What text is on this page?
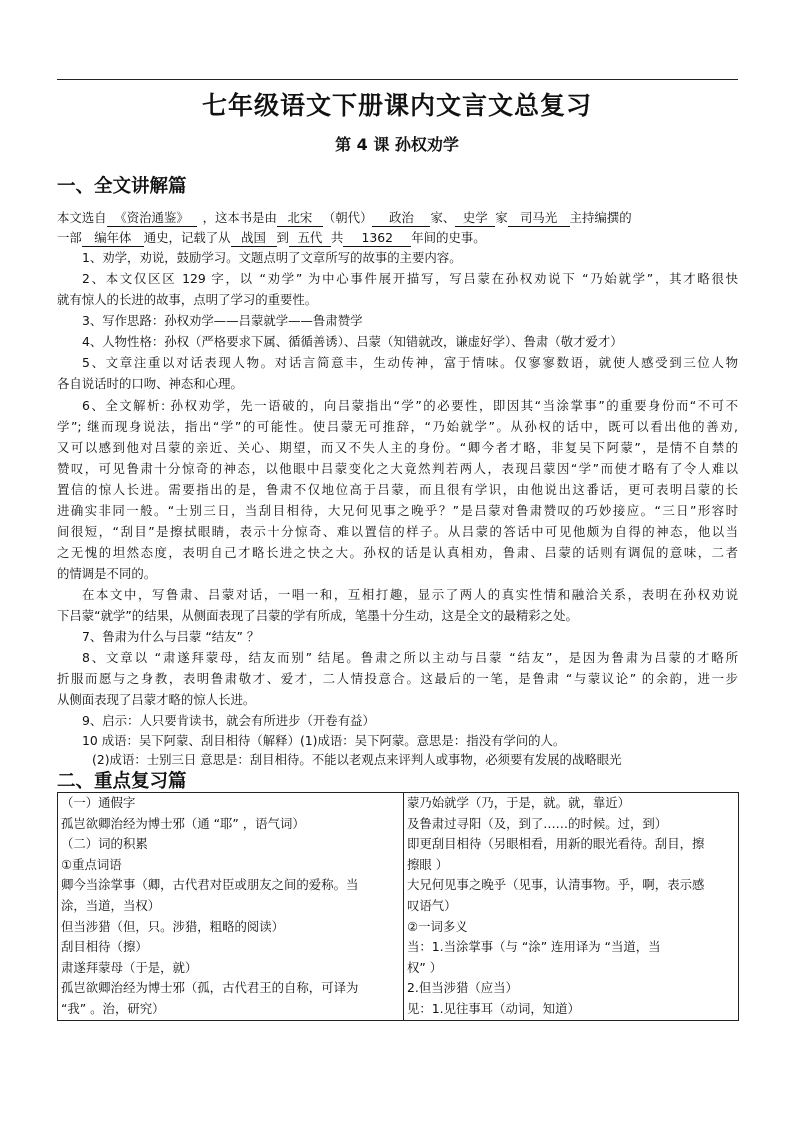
七年级语文下册课内文言文总复习
第 4 课 孙权劝学
一、全文讲解篇
本文选自 《资治通鉴》 ，这本书是由 北宋 （朝代） 政治 家、 史学 家 司马光 主持编撰的
一部 编年体 通史，记载了从 战国 到 五代 共 1362 年间的史事。
1、劝学，劝说，鼓励学习。文题点明了文章所写的故事的主要内容。
2、本文仅区区 129 字，以 “劝学” 为中心事件展开描写，写吕蒙在孙权劝说下 “乃始就学”，其才略很快
就有惊人的长进的故事，点明了学习的重要性。
3、写作思路：孙权劝学——吕蒙就学——鲁肃赞学
4、人物性格：孙权（严格要求下属、循循善诱）、吕蒙（知错就改，谦虚好学）、鲁肃（敬才爱才）
5、文章注重以对话表现人物。对话言简意丰，生动传神，富于情味。仅寥寥数语，就使人感受到三位人物
各自说话时的口吻、神态和心理。
6、全文解析: 孙权劝学，先一语破的，向吕蒙指出“学”的必要性，即因其“当涂掌事”的重要身份而“不可不
学”; 继而现身说法，指出“学”的可能性。使吕蒙无可推辞，“乃始就学”。从孙权的话中，既可以看出他的善劝,
又可以感到他对吕蒙的亲近、关心、期望，而又不失人主的身份。“卿今者才略，非复吴下阿蒙”，是情不自禁的
赞叹，可见鲁肃十分惊奇的神态，以他眼中吕蒙变化之大竟然判若两人，表现吕蒙因“学”而使才略有了令人难以
置信的惊人长进。需要指出的是，鲁肃不仅地位高于吕蒙，而且很有学识，由他说出这番话，更可表明吕蒙的长
进确实非同一般。“士别三日，当刮目相待，大兄何见事之晚乎？”是吕蒙对鲁肃赞叹的巧妙接应。“三日”形容时
间很短，“刮目”是擦拭眼睛，表示十分惊奇、难以置信的样子。从吕蒙的答话中可见他颇为自得的神态，他以当
之无愧的坦然态度，表明自己才略长进之快之大。孙权的话是认真相劝，鲁肃、吕蒙的话则有调侃的意味，二者
的情调是不同的。
在本文中，写鲁肃、吕蒙对话，一唱一和，互相打趣，显示了两人的真实性情和融洽关系，表明在孙权劝说
下吕蒙“就学”的结果，从侧面表现了吕蒙的学有所成，笔墨十分生动，这是全文的最精彩之处。
7、鲁肃为什么与吕蒙 “结友” ？
8、文章以 “肃遂拜蒙母，结友而别” 结尾。鲁肃之所以主动与吕蒙 “结友”，是因为鲁肃为吕蒙的才略所
折服而愿与之身教，表明鲁肃敬才、爱才，二人情投意合。这最后的一笔，是鲁肃 “与蒙议论” 的余韵，进一步
从侧面表现了吕蒙才略的惊人长进。
9、启示：人只要肯读书，就会有所进步（开卷有益）
10 成语：吴下阿蒙、刮目相待（解释）(1)成语：吴下阿蒙。意思是：指没有学问的人。
(2)成语：士别三日 意思是：刮目相待。不能以老观点来评判人或事物，必须要有发展的战略眼光
二、重点复习篇
（一）通假字
孤岂欲卿治经为博士邪（通 “耶” ，语气词）
（二）词的积累
①重点词语
卿今当涂掌事（卿，古代君对臣或朋友之间的爱称。当
涂，当道，当权）
但当涉猎（但，只。涉猎，粗略的阅读）
刮目相待（擦）
肃遂拜蒙母（于是，就）
孤岂欲卿治经为博士邪（孤，古代君王的自称，可译为
“我” 。治，研究）

蒙乃始就学（乃，于是，就。就，靠近）
及鲁肃过寻阳（及，到了……的时候。过，到）
即更刮目相待（另眼相看，用新的眼光看待。刮目，擦
擦眼 ）
大兄何见事之晚乎（见事，认清事物。乎，啊，表示感
叹语气）
②一词多义
当：1.当涂掌事（与 “涂” 连用译为 “当道，当
权” ）
2.但当涉猎（应当）
见：1.见往事耳（动词，知道）
